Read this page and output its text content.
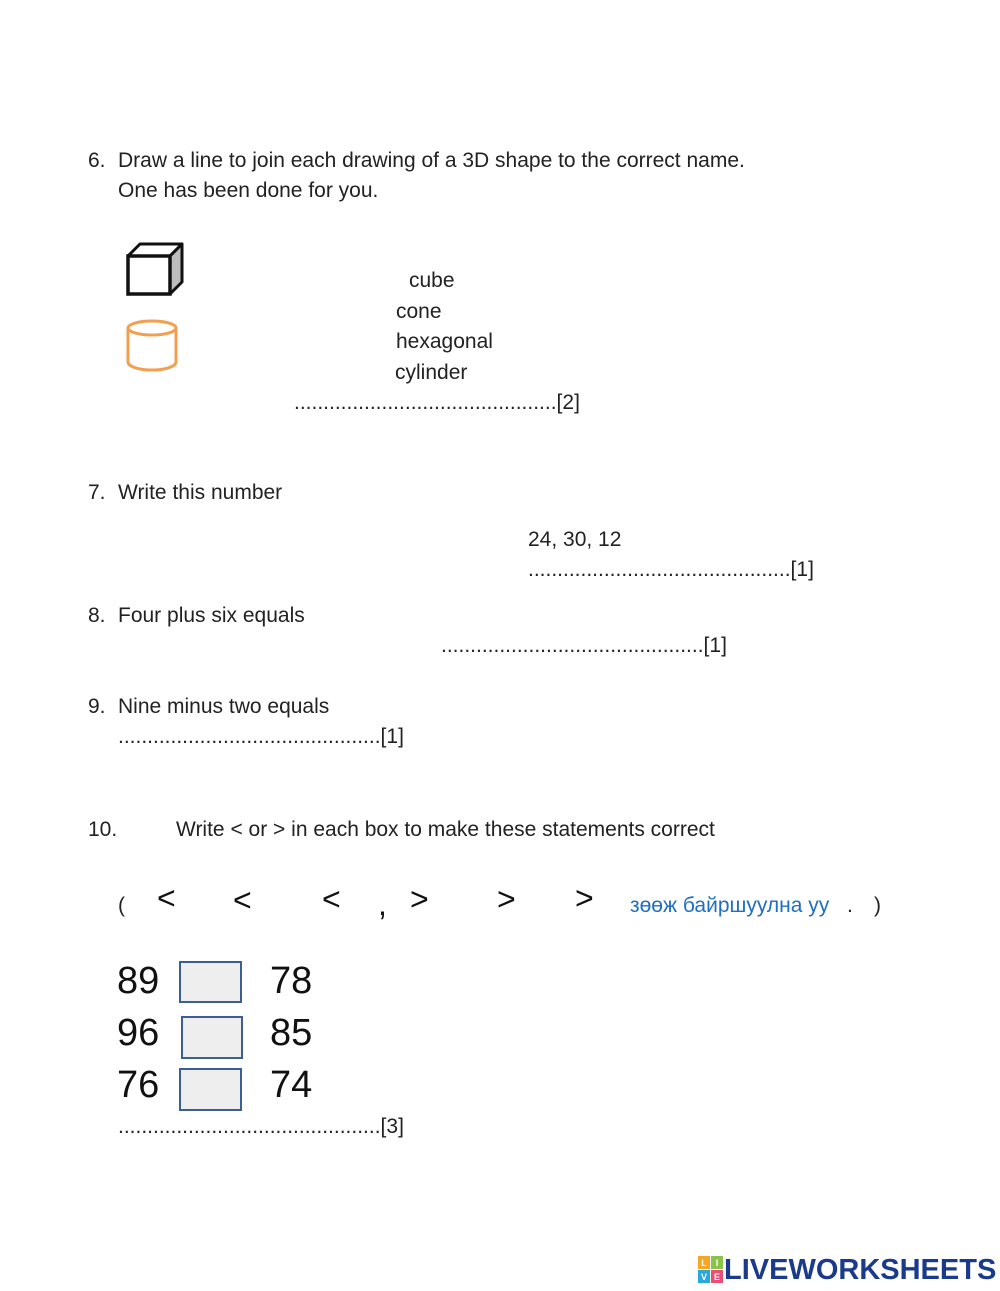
6. Draw a line to join each drawing of a 3D shape to the correct name.
One has been done for you.
cube
cone
hexagonal
cylinder
.............................................[2]
7. Write this number
24, 30, 12
.............................................[1]
8. Four plus six equals
.............................................[1]
9. Nine minus two equals
.............................................[1]
10.	Write < or > in each box to make these statements correct
( < < < , > > > зөөж байршуулна уу . )
89	78
96	85
76	74
.............................................[3]
L I
V E LIVEWORKSHEETS
